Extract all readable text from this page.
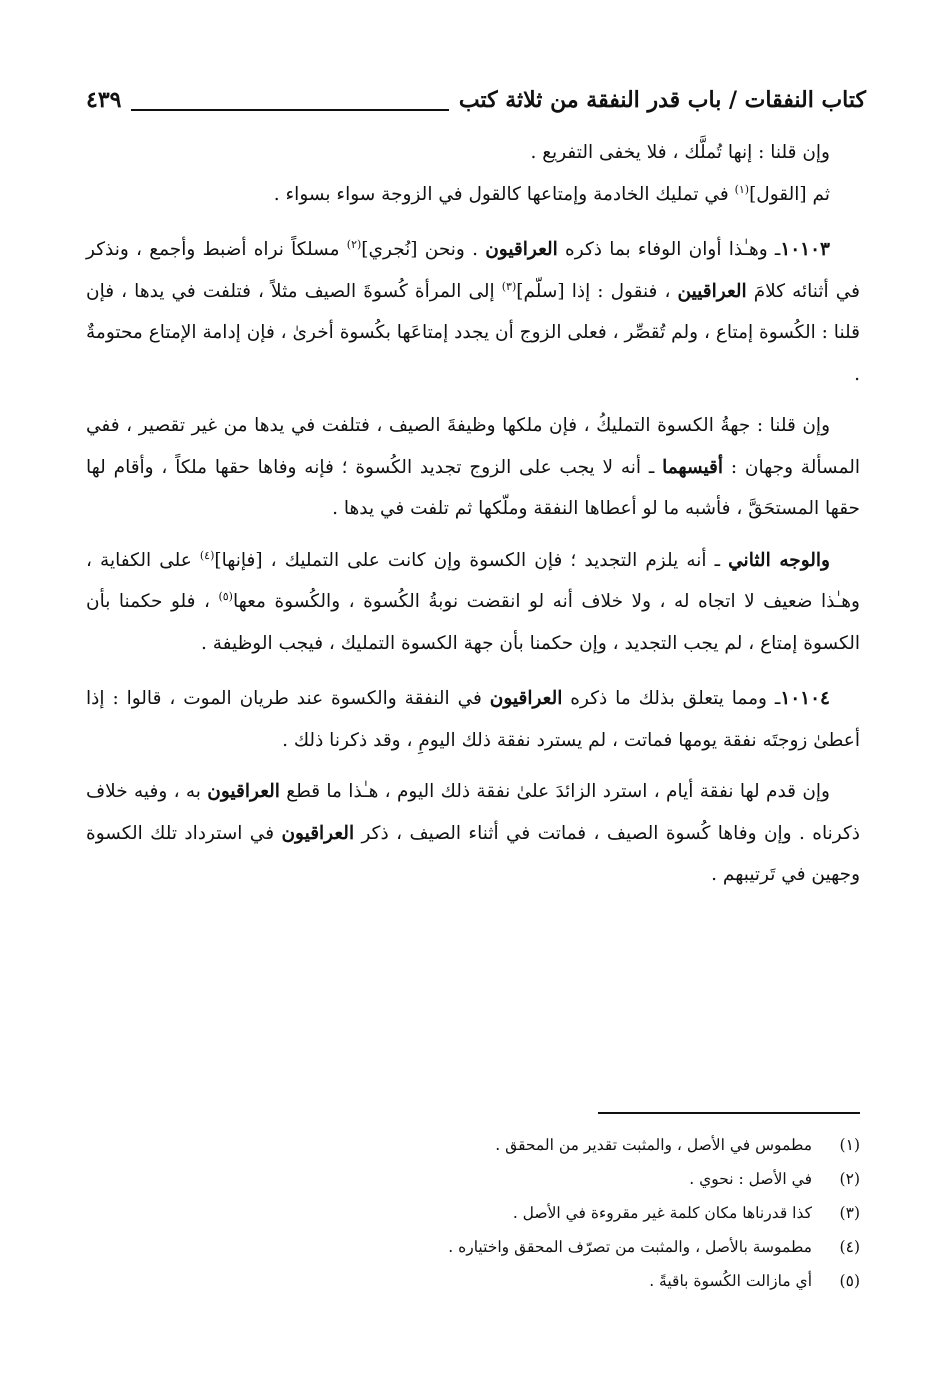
كتاب النفقات / باب قدر النفقة من ثلاثة كتب
٤٣٩

وإن قلنا : إنها تُملَّك ، فلا يخفى التفريع .

ثم [القول]$^{(١)}$ في تمليك الخادمة وإمتاعها كالقول في الزوجة سواء بسواء .

١٠١٠٣ـ وهـٰذا أوان الوفاء بما ذكره العراقيون . ونحن [نُجري]$^{(٢)}$ مسلكاً نراه أضبط وأجمع ، ونذكر في أثنائه كلامَ العراقيين ، فنقول : إذا [سلّم]$^{(٣)}$ إلى المرأة كُسوةَ الصيف مثلاً ، فتلفت في يدها ، فإن قلنا : الكُسوة إمتاع ، ولم تُقصِّر ، فعلى الزوج أن يجدد إمتاعَها بكُسوة أخرىٰ ، فإن إدامة الإمتاع محتومةٌ .

وإن قلنا : جهةُ الكسوة التمليكُ ، فإن ملكها وظيفةَ الصيف ، فتلفت في يدها من غير تقصير ، ففي المسألة وجهان : أقيسهما ـ أنه لا يجب على الزوج تجديد الكُسوة ؛ فإنه وفاها حقها ملكاً ، وأقام لها حقها المستحَقَّ ، فأشبه ما لو أعطاها النفقة وملّكها ثم تلفت في يدها .

والوجه الثاني ـ أنه يلزم التجديد ؛ فإن الكسوة وإن كانت على التمليك ، [فإنها]$^{(٤)}$ على الكفاية ، وهـٰذا ضعيف لا اتجاه له ، ولا خلاف أنه لو انقضت نوبةُ الكُسوة ، والكُسوة معها$^{(٥)}$ ، فلو حكمنا بأن الكسوة إمتاع ، لم يجب التجديد ، وإن حكمنا بأن جهة الكسوة التمليك ، فيجب الوظيفة .

١٠١٠٤ـ ومما يتعلق بذلك ما ذكره العراقيون في النفقة والكسوة عند طريان الموت ، قالوا : إذا أعطىٰ زوجتَه نفقة يومها فماتت ، لم يسترد نفقة ذلك اليومِ ، وقد ذكرنا ذلك .

وإن قدم لها نفقة أيام ، استرد الزائدَ علىٰ نفقة ذلك اليوم ، هـٰذا ما قطع العراقيون به ، وفيه خلاف ذكرناه . وإن وفاها كُسوة الصيف ، فماتت في أثناء الصيف ، ذكر العراقيون في استرداد تلك الكسوة وجهين في تَرتيبهم .

(١)
مطموس في الأصل ، والمثبت تقدير من المحقق .
(٢)
في الأصل : نحوي .
(٣)
كذا قدرناها مكان كلمة غير مقروءة في الأصل .
(٤)
مطموسة بالأصل ، والمثبت من تصرّف المحقق واختياره .
(٥)
أي مازالت الكُسوة باقيةً .
